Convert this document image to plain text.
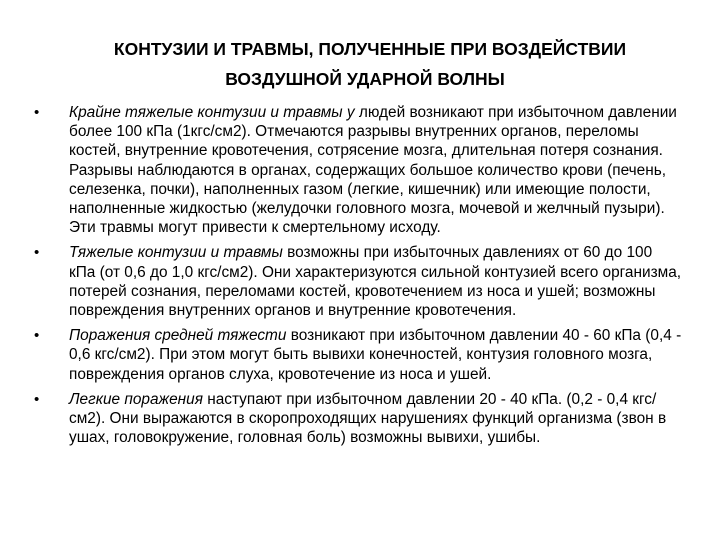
КОНТУЗИИ И ТРАВМЫ, ПОЛУЧЕННЫЕ ПРИ ВОЗДЕЙСТВИИ
ВОЗДУШНОЙ УДАРНОЙ ВОЛНЫ
• Крайне тяжелые контузии и травмы у людей возникают при избыточном давлении более 100 кПа (1кгс/см2). Отмечаются разрывы внутренних органов, переломы костей, внутренние кровотечения, сотрясение мозга, длительная потеря сознания. Разрывы наблюдаются в органах, содержащих большое количество крови (печень, селезенка, почки), наполненных газом (легкие, кишечник) или имеющие полости, наполненные жидкостью (желудочки головного мозга, мочевой и желчный пузыри). Эти травмы могут привести к смертельному исходу.
• Тяжелые контузии и травмы возможны при избыточных давлениях от 60 до 100 кПа (от 0,6 до 1,0 кгс/см2). Они характеризуются сильной контузией всего организма, потерей сознания, переломами костей, кровотечением из носа и ушей; возможны повреждения внутренних органов и внутренние кровотечения.
• Поражения средней тяжести возникают при избыточном давлении 40 - 60 кПа (0,4 - 0,6 кгс/см2). При этом могут быть вывихи конечностей, контузия головного мозга, повреждения органов слуха, кровотечение из носа и ушей.
• Легкие поражения наступают при избыточном давлении 20 - 40 кПа. (0,2 - 0,4 кгс/см2). Они выражаются в скоропроходящих нарушениях функций организма (звон в ушах, головокружение, головная боль) возможны вывихи, ушибы.
